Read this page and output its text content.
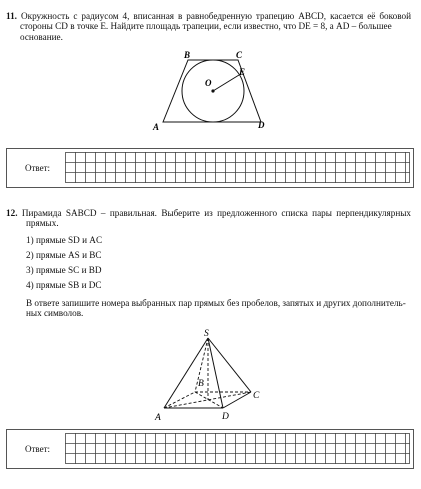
11. Окружность с радиусом 4, вписанная в равнобедренную трапецию ABCD, касается её боковой
стороны CD в точке E. Найдите площадь трапеции, если известно, что DE = 8, а AD – большее
основание.
B	C
O
E
A	D
Ответ:
12. Пирамида SABCD – правильная. Выберите из предложенного списка пары перпендикулярных
прямых.
1) прямые SD и AC
2) прямые AS и BC
3) прямые SC и BD
4) прямые SB и DC
В ответе запишите номера выбранных пар прямых без пробелов, запятых и других дополнитель-
ных символов.
S
B
C
A	D
Ответ:
